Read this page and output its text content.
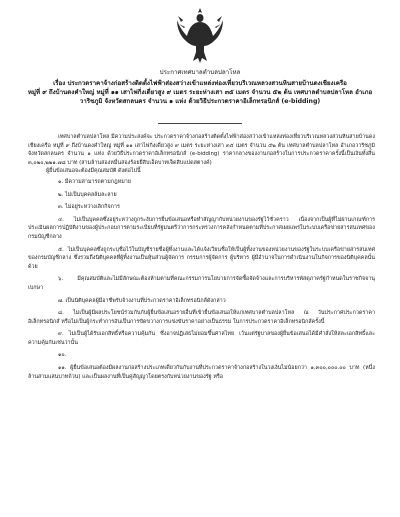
ประกาศเทศบาลตำบลปลาโหล
เรื่อง ประกวดราคาจ้างก่อสร้างติดตั้งไฟฟ้าส่องสว่างเข้าแหล่งท่องเที่ยวบริเวณหลวงสวนหินสายบ้านดงเชียงเครือ
หมู่ที่ ๙ ถึงบ้านดงคำใหญ่ หมู่ที่ ๑๑ เสาไฟกิ่งเดี่ยวสูง ๙ เมตร ระยะห่างเสา ๓๕ เมตร จำนวน ๕๒ ต้น เทศบาลตำบลปลาโหล อำเภอวาริชภูมิ จังหวัดสกลนคร จำนวน ๑ แห่ง ด้วยวิธีประกวดราคาอิเล็กทรอนิกส์ (e-bidding)

เทศบาลตำบลปลาโหล มีความประสงค์จะ ประกวดราคาจ้างก่อสร้างติดตั้งไฟฟ้าส่องสว่างเข้าแหล่งท่องเที่ยวบริเวณหลวงสวนหินสายบ้านดงเชียงเครือ หมู่ที่ ๙ ถึงบ้านดงคำใหญ่ หมู่ที่ ๑๑ เสาไฟกิ่งเดี่ยวสูง ๙ เมตร ระยะห่างเสา ๓๕ เมตร จำนวน ๕๒ ต้น เทศบาลตำบลปลาโหล อำเภอวาริชภูมิ จังหวัดสกลนคร จำนวน ๑ แห่ง ด้วยวิธีประกวดราคาอิเล็กทรอนิกส์ (e-bidding) ราคากลางของงานก่อสร้างในการประกวดราคาครั้งนี้เป็นเงินทั้งสิ้น ๓,๐๒๐,๒๒๑.๗๘ บาท (สามล้านสองหมื่นสองร้อยยี่สิบเอ็ดบาทเจ็ดสิบแปดสตางค์)

ผู้ยื่นข้อเสนอจะต้องมีคุณสมบัติ ดังต่อไปนี้

๑. มีความสามารถตามกฎหมาย

๒. ไม่เป็นบุคคลล้มละลาย

๓. ไม่อยู่ระหว่างเลิกกิจการ

๔. ไม่เป็นบุคคลซึ่งอยู่ระหว่างถูกระงับการยื่นข้อเสนอหรือทำสัญญากับหน่วยงานของรัฐไว้ชั่วคราว เนื่องจากเป็นผู้ที่ไม่ผ่านเกณฑ์การประเมินผลการปฏิบัติงานของผู้ประกอบการตามระเบียบที่รัฐมนตรีว่าการกระทรวงการคลังกำหนดตามที่ประกาศเผยแพร่ในระบบเครือข่ายสารสนเทศของกรมบัญชีกลาง

๕. ไม่เป็นบุคคลซึ่งถูกระบุชื่อไว้ในบัญชีรายชื่อผู้ทิ้งงานและได้แจ้งเวียนชื่อให้เป็นผู้ทิ้งงานของหน่วยงานของรัฐในระบบเครือข่ายสารสนเทศของกรมบัญชีกลาง ซึ่งรวมถึงนิติบุคคลที่ผู้ทิ้งงานเป็นหุ้นส่วนผู้จัดการ กรรมการผู้จัดการ ผู้บริหาร ผู้มีอำนาจในการดำเนินงานในกิจการของนิติบุคคลนั้นด้วย

๖.	มีคุณสมบัติและไม่มีลักษณะต้องห้ามตามที่คณะกรรมการนโยบายการจัดซื้อจัดจ้างและการบริหารพัสดุภาครัฐกำหนดในราชกิจจานุเบกษา

๗. เป็นนิติบุคคลผู้มีอาชีพรับจ้างงานที่ประกวดราคาอิเล็กทรอนิกส์ดังกล่าว

๘. ไม่เป็นผู้มีผลประโยชน์ร่วมกันกับผู้ยื่นข้อเสนอรายอื่นที่เข้ายื่นข้อเสนอให้แก่เทศบาลตำบลปลาโหล ณ วันประกาศประกวดราคาอิเล็กทรอนิกส์ หรือไม่เป็นผู้กระทำการอันเป็นการขัดขวางการแข่งขันราคาอย่างเป็นธรรม ในการประกวดราคาอิเล็กทรอนิกส์ครั้งนี้

๙. ไม่เป็นผู้ได้รับเอกสิทธิ์หรือความคุ้มกัน ซึ่งอาจปฏิเสธไม่ยอมขึ้นศาลไทย เว้นแต่รัฐบาลของผู้ยื่นข้อเสนอได้มีคำสั่งให้สละเอกสิทธิ์และความคุ้มกันเช่นว่านั้น

๑๐.

๑๑. ผู้ยื่นข้อเสนอต้องมีผลงานก่อสร้างประเภทเดียวกันกับงานที่ประกวดราคาจ้างก่อสร้างในวงเงินไม่น้อยกว่า ๑,๓๐๐,๐๐๐.๐๐ บาท (หนึ่งล้านสามแสนบาทถ้วน) และเป็นผลงานที่เป็นคู่สัญญาโดยตรงกับหน่วยงานของรัฐ หรือ
